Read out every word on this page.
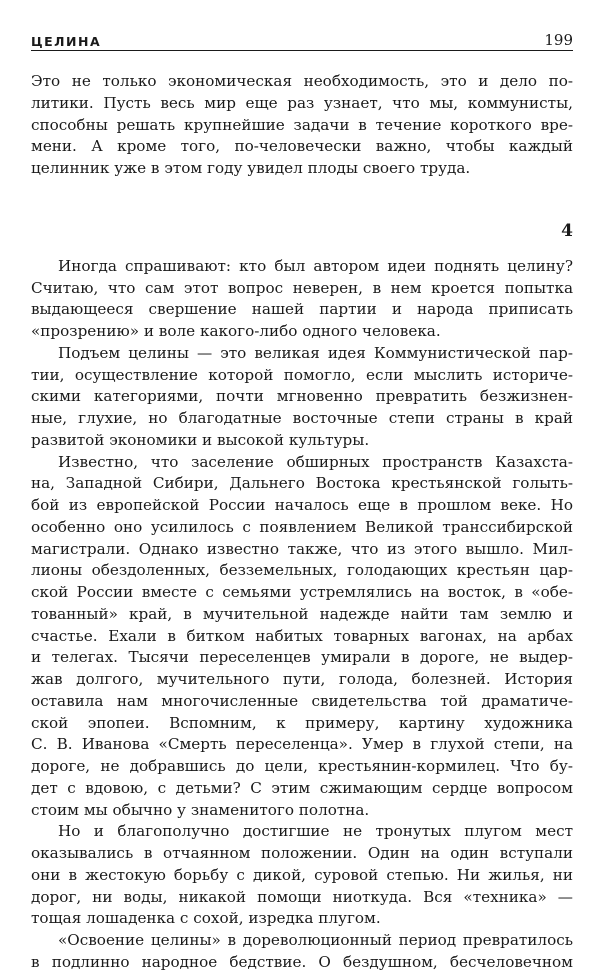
ЦЕЛИНА	199
Это не только экономическая необходимость, это и дело по-
литики. Пусть весь мир еще раз узнает, что мы, коммунисты,
способны решать крупнейшие задачи в течение короткого вре-
мени. А кроме того, по-человечески важно, чтобы каждый
целинник уже в этом году увидел плоды своего труда.
4
Иногда спрашивают: кто был автором идеи поднять целину?
Считаю, что сам этот вопрос неверен, в нем кроется попытка
выдающееся свершение нашей партии и народа приписать
«прозрению» и воле какого-либо одного человека.
Подъем целины — это великая идея Коммунистической пар-
тии, осуществление которой помогло, если мыслить историче-
скими категориями, почти мгновенно превратить безжизнен-
ные, глухие, но благодатные восточные степи страны в край
развитой экономики и высокой культуры.
Известно, что заселение обширных пространств Казахста-
на, Западной Сибири, Дальнего Востока крестьянской голыть-
бой из европейской России началось еще в прошлом веке. Но
особенно оно усилилось с появлением Великой транссибирской
магистрали. Однако известно также, что из этого вышло. Мил-
лионы обездоленных, безземельных, голодающих крестьян цар-
ской России вместе с семьями устремлялись на восток, в «обе-
тованный» край, в мучительной надежде найти там землю и
счастье. Ехали в битком набитых товарных вагонах, на арбах
и телегах. Тысячи переселенцев умирали в дороге, не выдер-
жав долгого, мучительного пути, голода, болезней. История
оставила нам многочисленные свидетельства той драматиче-
ской эпопеи. Вспомним, к примеру, картину художника
С. В. Иванова «Смерть переселенца». Умер в глухой степи, на
дороге, не добравшись до цели, крестьянин-кормилец. Что бу-
дет с вдовою, с детьми? С этим сжимающим сердце вопросом
стоим мы обычно у знаменитого полотна.
Но и благополучно достигшие не тронутых плугом мест
оказывались в отчаянном положении. Один на один вступали
они в жестокую борьбу с дикой, суровой степью. Ни жилья, ни
дорог, ни воды, никакой помощи ниоткуда. Вся «техника» —
тощая лошаденка с сохой, изредка плугом.
«Освоение целины» в дореволюционный период превратилось
в подлинно народное бедствие. О бездушном, бесчеловечном
